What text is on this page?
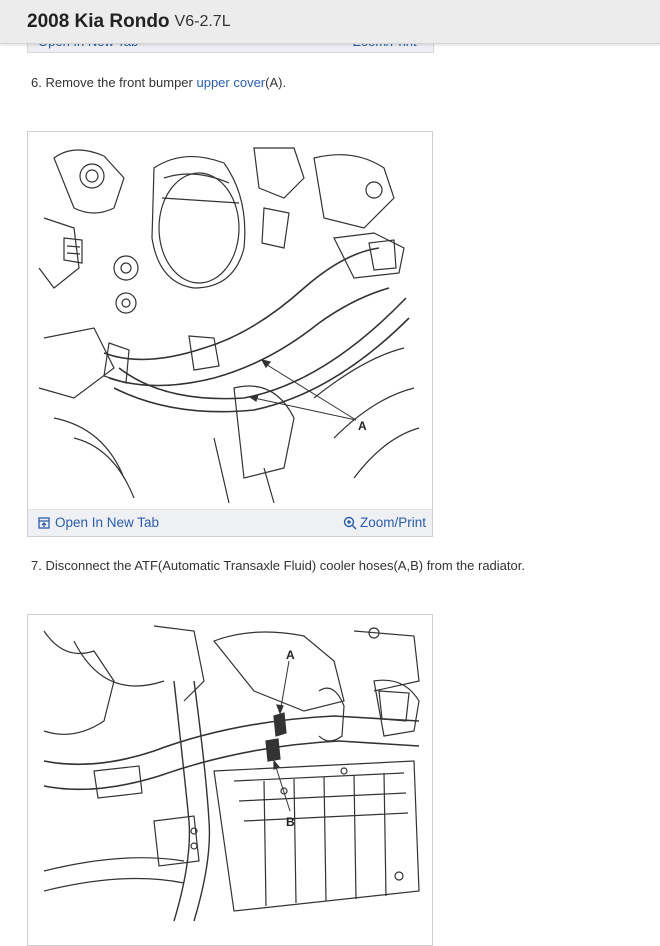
2008 Kia Rondo V6-2.7L
6. Remove the front bumper upper cover(A).
A
Open In New Tab	Zoom/Print
7. Disconnect the ATF(Automatic Transaxle Fluid) cooler hoses(A,B) from the radiator.
A
B
